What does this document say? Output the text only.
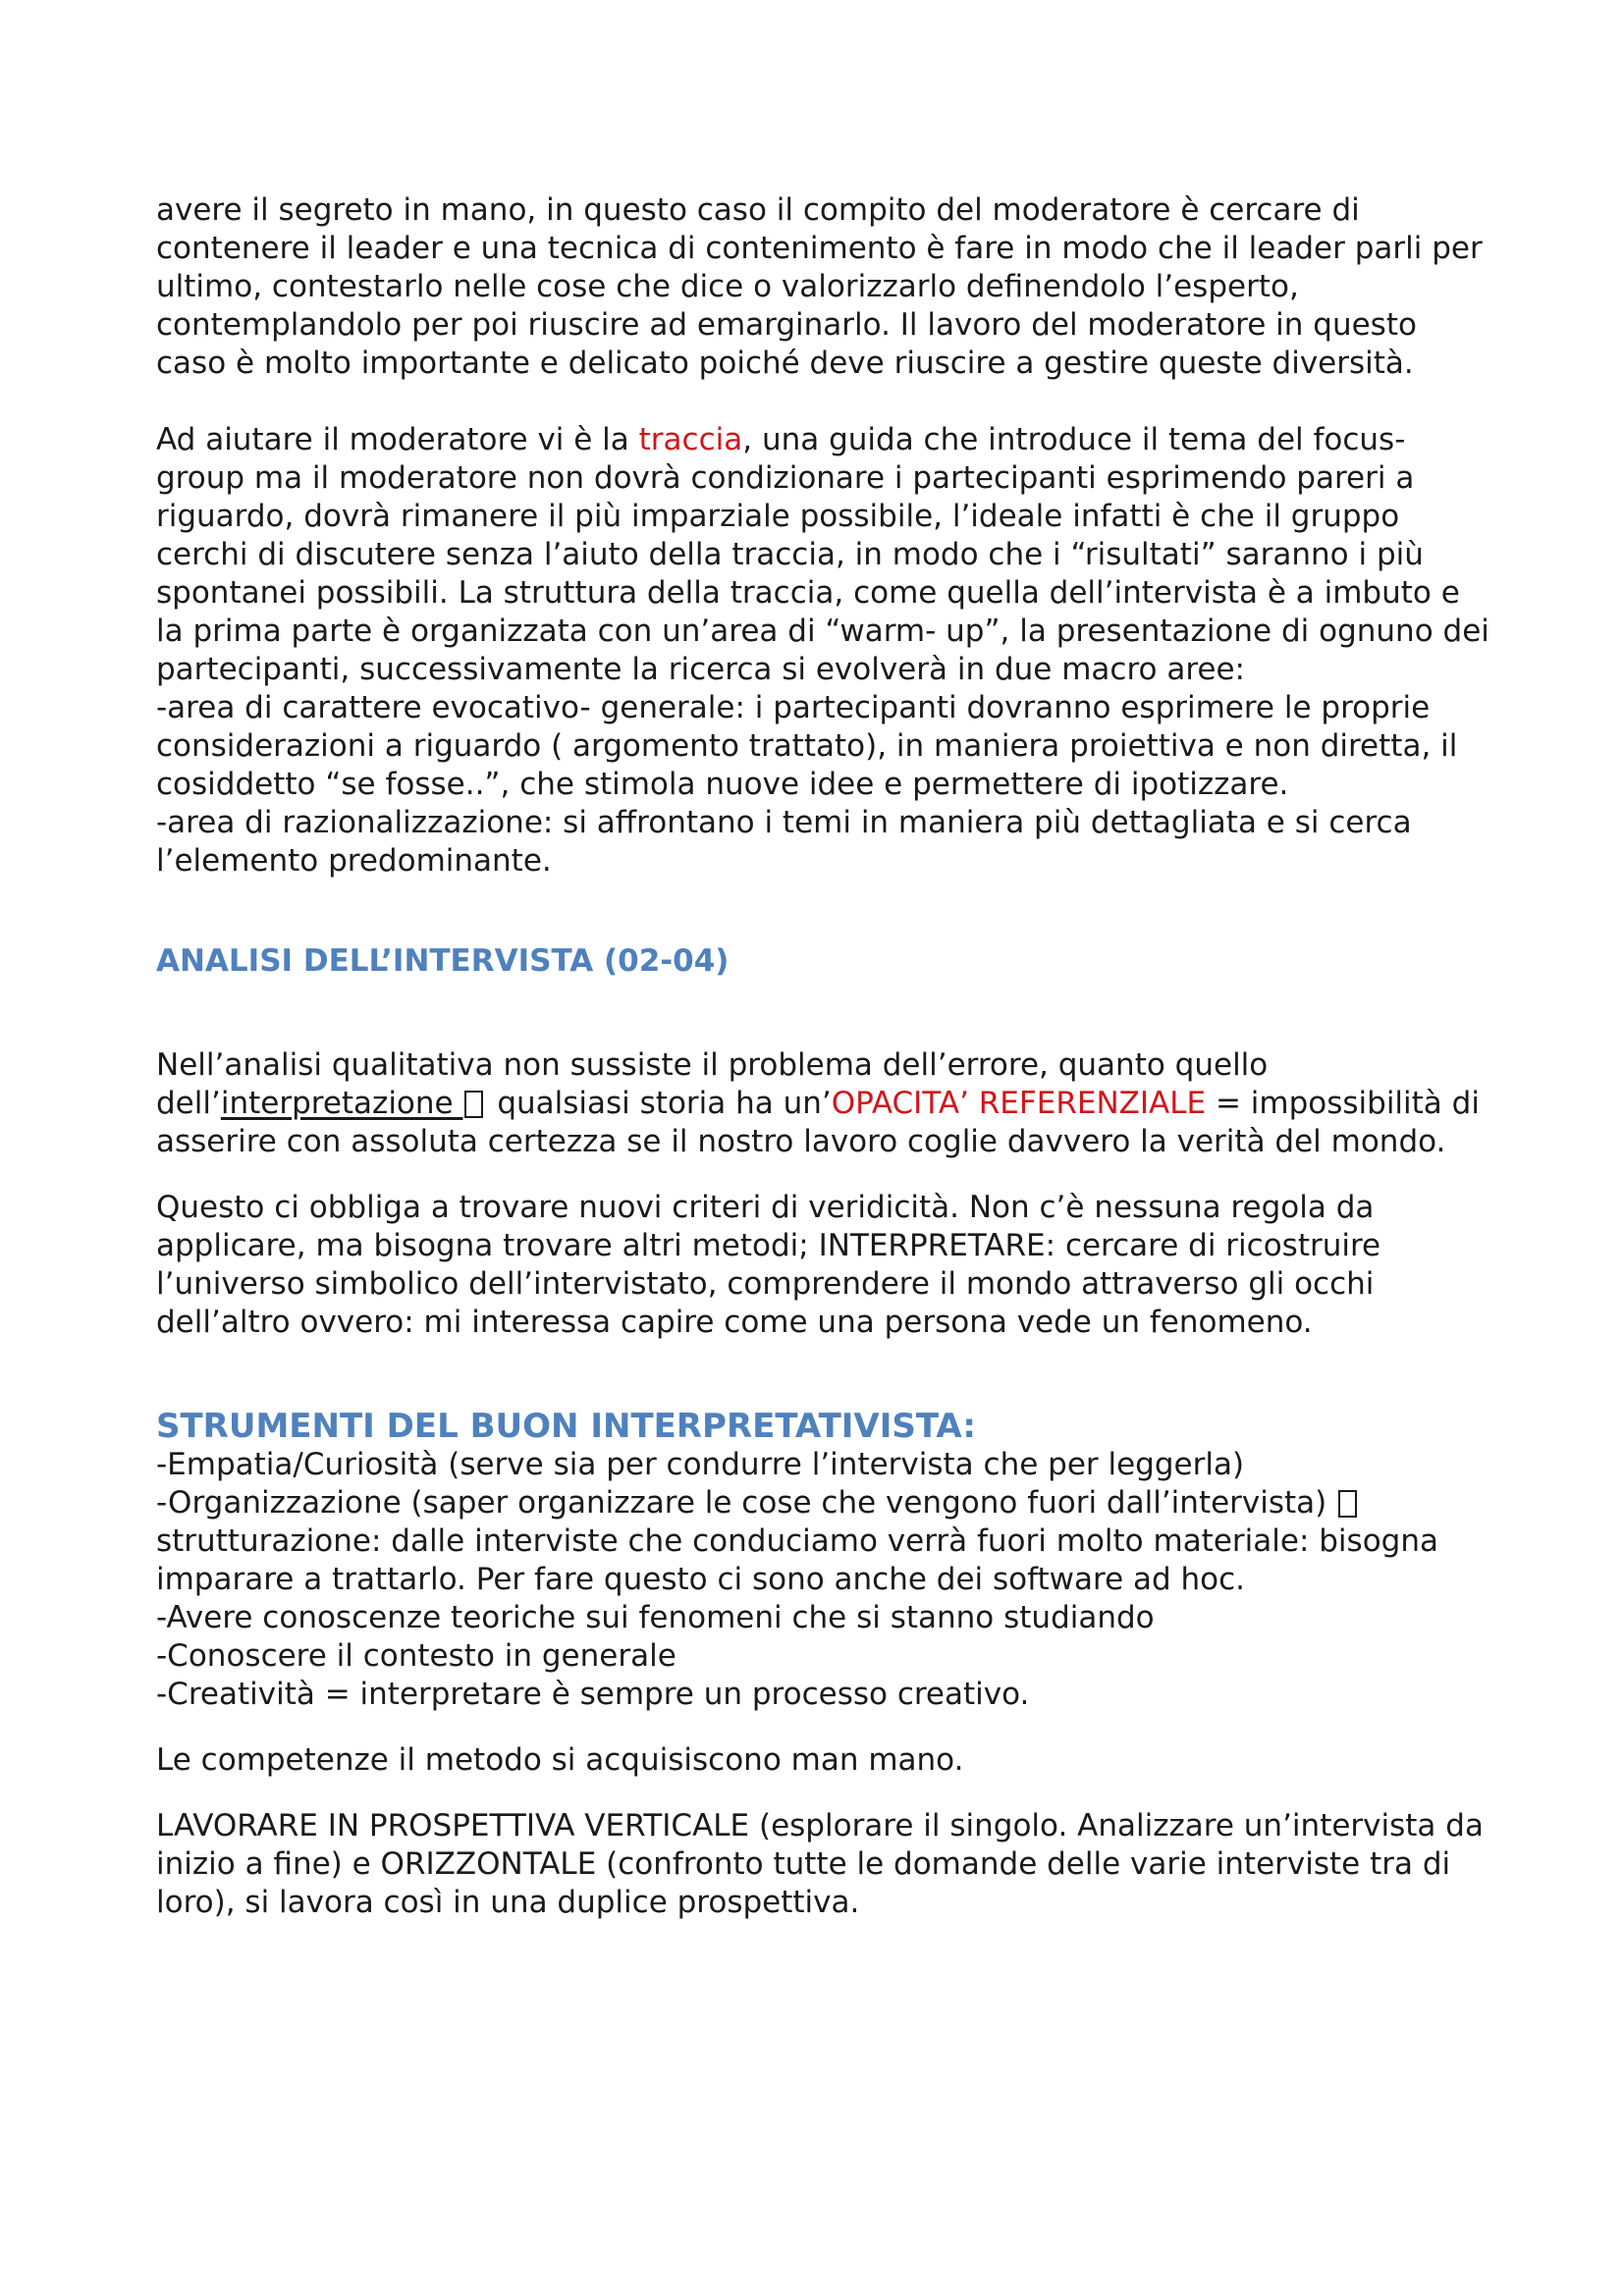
avere il segreto in mano, in questo caso il compito del moderatore è cercare di contenere il leader e una tecnica di contenimento è fare in modo che il leader parli per ultimo, contestarlo nelle cose che dice o valorizzarlo definendolo l’esperto, contemplandolo per poi riuscire ad emarginarlo. Il lavoro del moderatore in questo caso è molto importante e delicato poiché deve riuscire a gestire queste diversità.

Ad aiutare il moderatore vi è la traccia, una guida che introduce il tema del focus- group ma il moderatore non dovrà condizionare i partecipanti esprimendo pareri a riguardo, dovrà rimanere il più imparziale possibile, l’ideale infatti è che il gruppo cerchi di discutere senza l’aiuto della traccia, in modo che i “risultati” saranno i più spontanei possibili. La struttura della traccia, come quella dell’intervista è a imbuto e la prima parte è organizzata con un’area di “warm- up”, la presentazione di ognuno dei partecipanti, successivamente la ricerca si evolverà in due macro aree:

-area di carattere evocativo- generale: i partecipanti dovranno esprimere le proprie considerazioni a riguardo ( argomento trattato), in maniera proiettiva e non diretta, il cosiddetto “se fosse..”, che stimola nuove idee e permettere di ipotizzare.

-area di razionalizzazione: si affrontano i temi in maniera più dettagliata e si cerca l’elemento predominante.

ANALISI DELL’INTERVISTA (02-04)

Nell’analisi qualitativa non sussiste il problema dell’errore, quanto quello dell’interpretazione  qualsiasi storia ha un’OPACITA’ REFERENZIALE = impossibilità di asserire con assoluta certezza se il nostro lavoro coglie davvero la verità del mondo.

Questo ci obbliga a trovare nuovi criteri di veridicità. Non c’è nessuna regola da applicare, ma bisogna trovare altri metodi; INTERPRETARE: cercare di ricostruire l’universo simbolico dell’intervistato, comprendere il mondo attraverso gli occhi dell’altro ovvero: mi interessa capire come una persona vede un fenomeno.

STRUMENTI DEL BUON INTERPRETATIVISTA:

-Empatia/Curiosità (serve sia per condurre l’intervista che per leggerla)

-Organizzazione (saper organizzare le cose che vengono fuori dall’intervista)  strutturazione: dalle interviste che conduciamo verrà fuori molto materiale: bisogna imparare a trattarlo. Per fare questo ci sono anche dei software ad hoc.

-Avere conoscenze teoriche sui fenomeni che si stanno studiando

-Conoscere il contesto in generale

-Creatività = interpretare è sempre un processo creativo.

Le competenze il metodo si acquisiscono man mano.

LAVORARE IN PROSPETTIVA VERTICALE (esplorare il singolo. Analizzare un’intervista da inizio a fine) e ORIZZONTALE (confronto tutte le domande delle varie interviste tra di loro), si lavora così in una duplice prospettiva.
